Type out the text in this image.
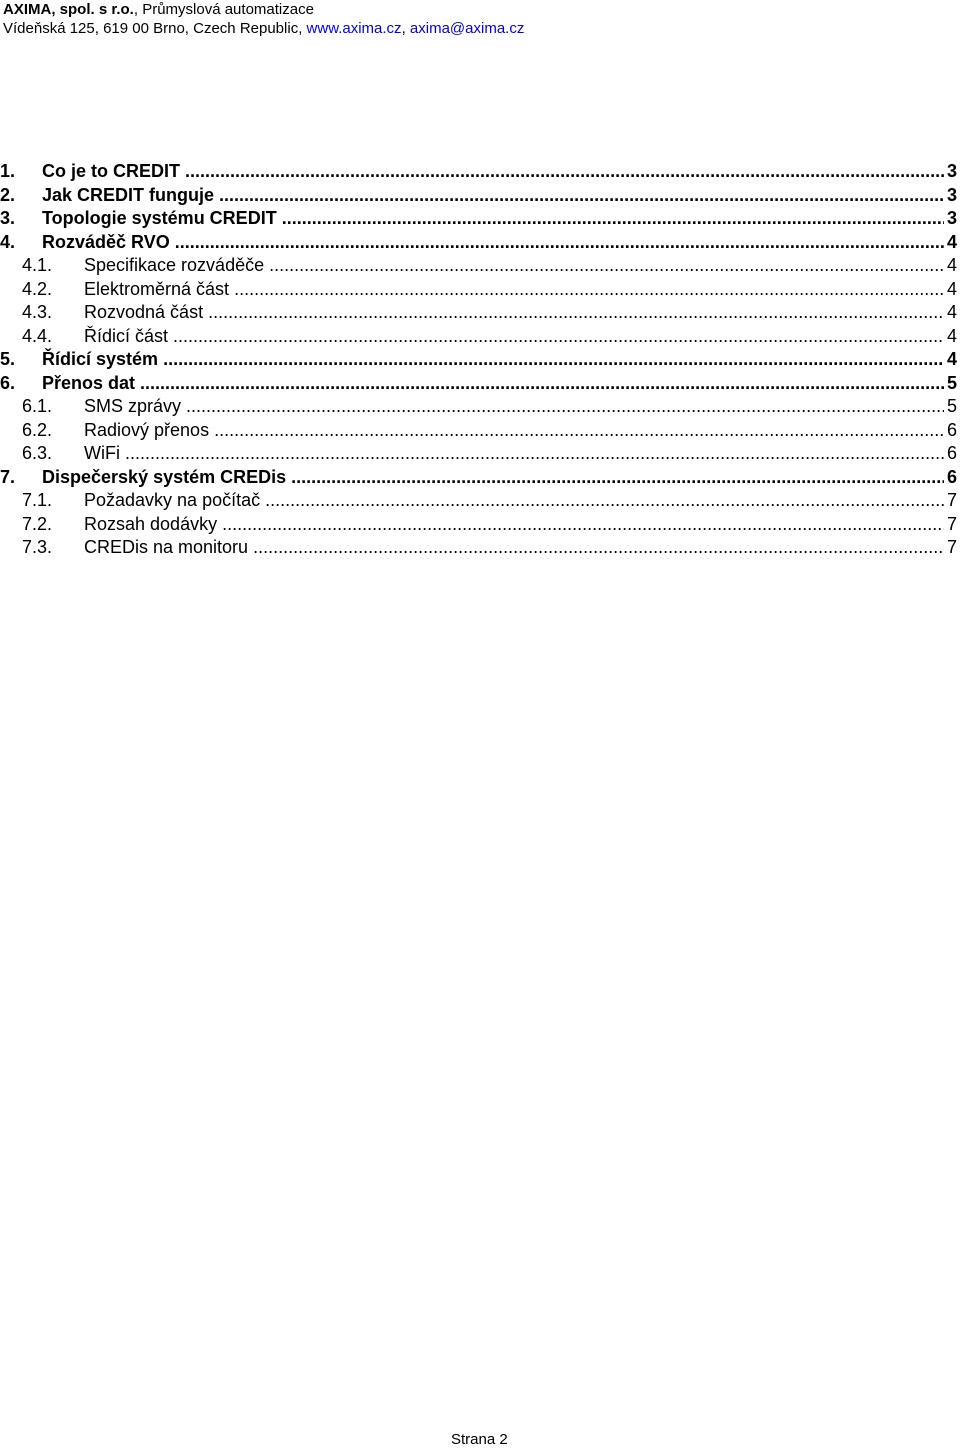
AXIMA, spol. s r.o., Průmyslová automatizace
Vídeňská 125, 619 00 Brno, Czech Republic, www.axima.cz, axima@axima.cz
1. Co je to CREDIT .....	3
2. Jak CREDIT funguje .....	3
3. Topologie systému CREDIT .....	3
4. Rozváděč RVO .....	4
4.1. Specifikace rozváděče .....	4
4.2. Elektroměrná část .....	4
4.3. Rozvodná část .....	4
4.4. Řídicí část .....	4
5. Řídicí systém .....	4
6. Přenos dat .....	5
6.1. SMS zprávy .....	5
6.2. Radiový přenos .....	6
6.3. WiFi .....	6
7. Dispečerský systém CREDis .....	6
7.1. Požadavky na počítač .....	7
7.2. Rozsah dodávky .....	7
7.3. CREDis na monitoru .....	7
Strana 2
